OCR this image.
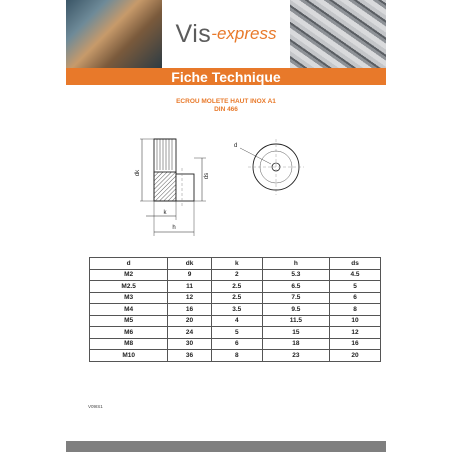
Vis -express
Fiche Technique
ECROU MOLETE HAUT INOX A1
DIN 466
dk	ds
k
h
d
d	dk	k	h	ds
M2	9	2	5.3	4.5
M2.5	11	2.5	6.5	5
M3	12	2.5	7.5	6
M4	16	3.5	9.5	8
M5	20	4	11.5	10
M6	24	5	15	12
M8	30	6	18	16
M10	36	8	23	20
V09IS1
